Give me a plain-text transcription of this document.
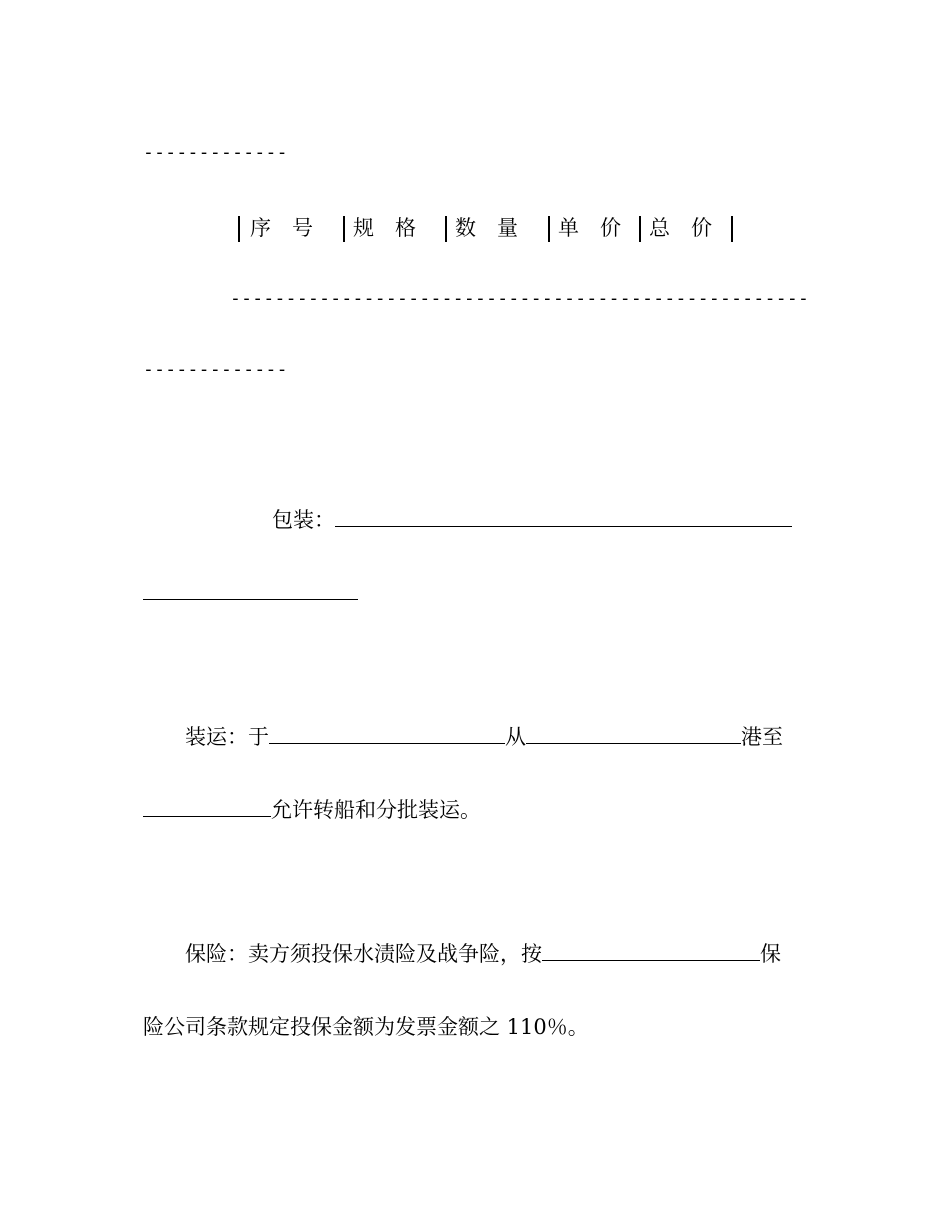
-------------
序　号 规　格 数　量 单　价 总　价
----------------------------------------------------
-------------
包装：
装运：于	从	港至
允许转船和分批装运。
保险：卖方须投保水渍险及战争险，按	保
险公司条款规定投保金额为发票金额之 110％。
